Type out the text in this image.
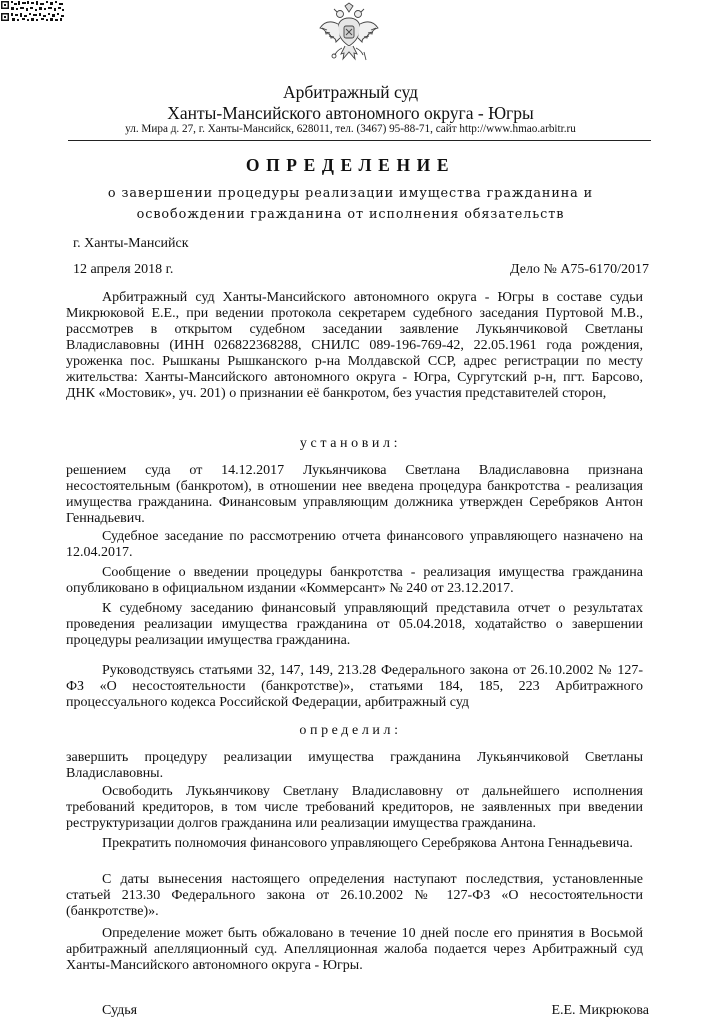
Арбитражный суд
Ханты-Мансийского автономного округа - Югры
ул. Мира д. 27, г. Ханты-Мансийск, 628011, тел. (3467) 95-88-71, сайт http://www.hmao.arbitr.ru
ОПРЕДЕЛЕНИЕ
о завершении процедуры реализации имущества гражданина и
освобождении гражданина от исполнения обязательств
г. Ханты-Мансийск
12 апреля 2018 г.	Дело № А75-6170/2017
Арбитражный суд Ханты-Мансийского автономного округа - Югры в составе судьи Микрюковой Е.Е., при ведении протокола секретарем судебного заседания Пуртовой М.В., рассмотрев в открытом судебном заседании заявление Лукьянчиковой Светланы Владиславовны (ИНН 026822368288, СНИЛС 089-196-769-42, 22.05.1961 года рождения, уроженка пос. Рышканы Рышканского р-на Молдавской ССР, адрес регистрации по месту жительства: Ханты-Мансийского автономного округа - Югра, Сургутский р-н, пгт. Барсово, ДНК «Мостовик», уч. 201) о признании её банкротом, без участия представителей сторон,
установил:
решением суда от 14.12.2017 Лукьянчикова Светлана Владиславовна признана несостоятельным (банкротом), в отношении нее введена процедура банкротства - реализация имущества гражданина. Финансовым управляющим должника утвержден Серебряков Антон Геннадьевич.
Судебное заседание по рассмотрению отчета финансового управляющего назначено на 12.04.2017.
Сообщение о введении процедуры банкротства - реализация имущества гражданина опубликовано в официальном издании «Коммерсант» № 240 от 23.12.2017.
К судебному заседанию финансовый управляющий представила отчет о результатах проведения реализации имущества гражданина от 05.04.2018, ходатайство о завершении процедуры реализации имущества гражданина.
Руководствуясь статьями 32, 147, 149, 213.28 Федерального закона от 26.10.2002 № 127-ФЗ «О несостоятельности (банкротстве)», статьями 184, 185, 223 Арбитражного процессуального кодекса Российской Федерации, арбитражный суд
определил:
завершить процедуру реализации имущества гражданина Лукьянчиковой Светланы Владиславовны.
Освободить Лукьянчикову Светлану Владиславовну от дальнейшего исполнения требований кредиторов, в том числе требований кредиторов, не заявленных при введении реструктуризации долгов гражданина или реализации имущества гражданина.
Прекратить полномочия финансового управляющего Серебрякова Антона Геннадьевича.
С даты вынесения настоящего определения наступают последствия, установленные статьей 213.30 Федерального закона от 26.10.2002 № 127-ФЗ «О несостоятельности (банкротстве)».
Определение может быть обжаловано в течение 10 дней после его принятия в Восьмой арбитражный апелляционный суд. Апелляционная жалоба подается через Арбитражный суд Ханты-Мансийского автономного округа - Югры.
Судья	Е.Е. Микрюкова
